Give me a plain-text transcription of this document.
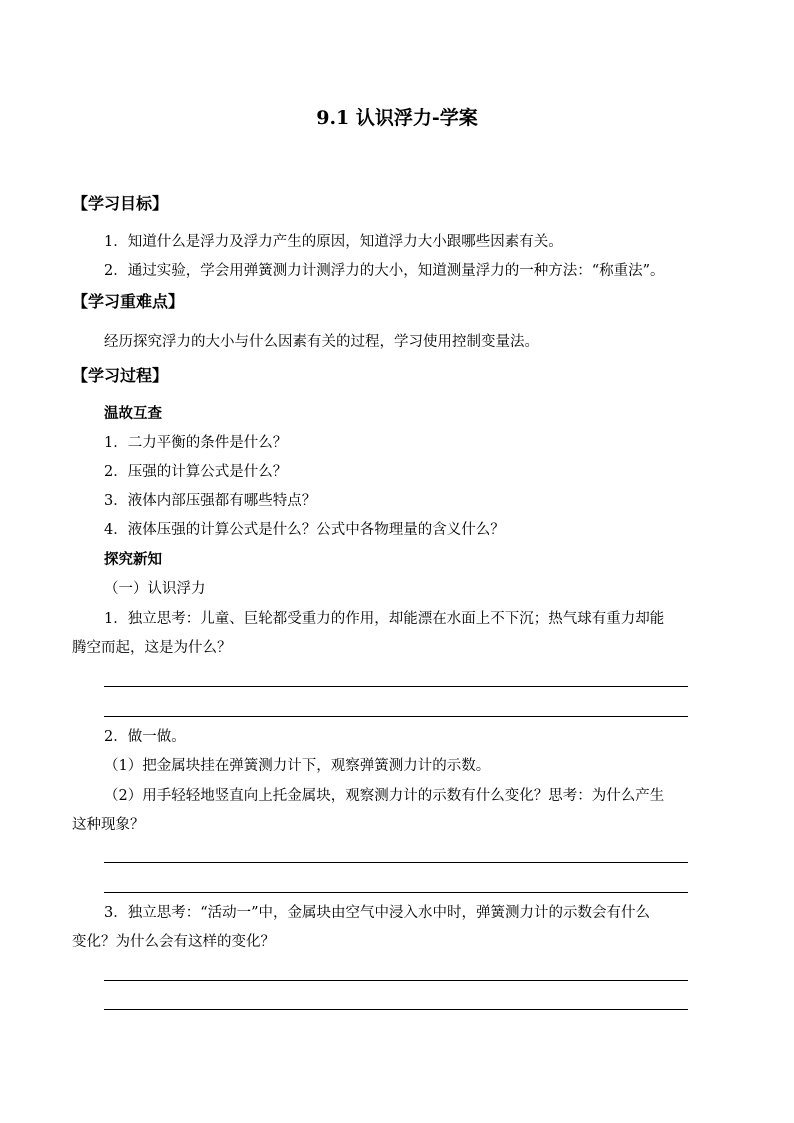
9.1 认识浮力-学案
【学习目标】
1．知道什么是浮力及浮力产生的原因，知道浮力大小跟哪些因素有关。
2．通过实验，学会用弹簧测力计测浮力的大小，知道测量浮力的一种方法：“称重法”。
【学习重难点】
经历探究浮力的大小与什么因素有关的过程，学习使用控制变量法。
【学习过程】
温故互查
1．二力平衡的条件是什么？
2．压强的计算公式是什么？
3．液体内部压强都有哪些特点？
4．液体压强的计算公式是什么？公式中各物理量的含义什么？
探究新知
（一）认识浮力
1．独立思考：儿童、巨轮都受重力的作用，却能漂在水面上不下沉；热气球有重力却能
腾空而起，这是为什么？
2．做一做。
（1）把金属块挂在弹簧测力计下，观察弹簧测力计的示数。
（2）用手轻轻地竖直向上托金属块，观察测力计的示数有什么变化？思考：为什么产生
这种现象？
3．独立思考：“活动一”中，金属块由空气中浸入水中时，弹簧测力计的示数会有什么
变化？为什么会有这样的变化？
